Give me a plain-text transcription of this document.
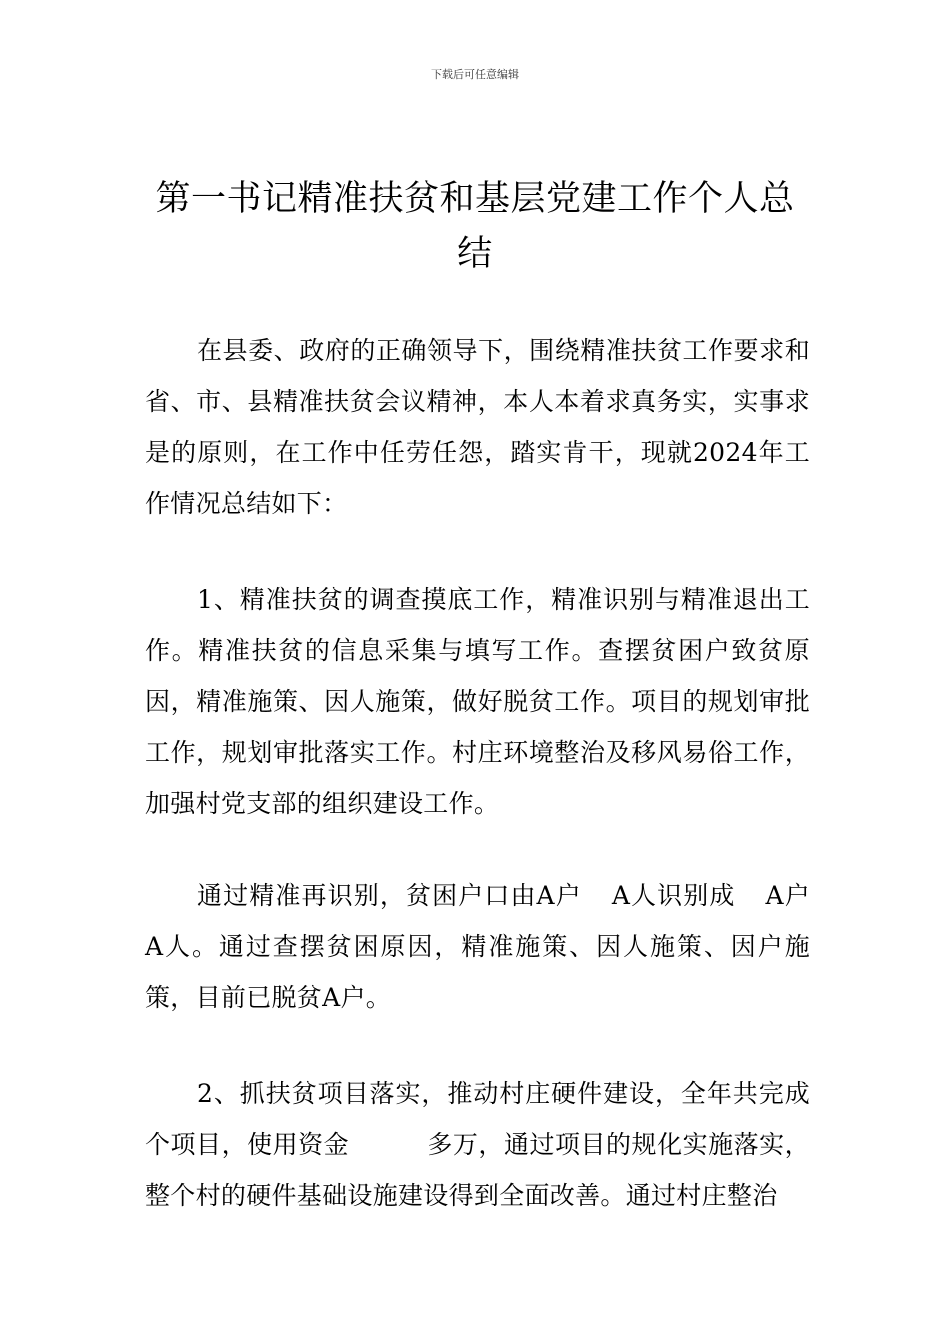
下载后可任意编辑
第一书记精准扶贫和基层党建工作个人总结

在县委、政府的正确领导下，围绕精准扶贫工作要求和省、市、县精准扶贫会议精神，本人本着求真务实，实事求是的原则，在工作中任劳任怨，踏实肯干，现就2024年工作情况总结如下：

1、精准扶贫的调查摸底工作，精准识别与精准退出工作。精准扶贫的信息采集与填写工作。查摆贫困户致贫原因，精准施策、因人施策，做好脱贫工作。项目的规划审批工作，规划审批落实工作。村庄环境整治及移风易俗工作，加强村党支部的组织建设工作。

通过精准再识别，贫困户口由A户 A人识别成 A户A人。通过查摆贫困原因，精准施策、因人施策、因户施策，目前已脱贫A户。

2、抓扶贫项目落实，推动村庄硬件建设，全年共完成个项目，使用资金	多万，通过项目的规化实施落实，整个村的硬件基础设施建设得到全面改善。通过村庄整治
